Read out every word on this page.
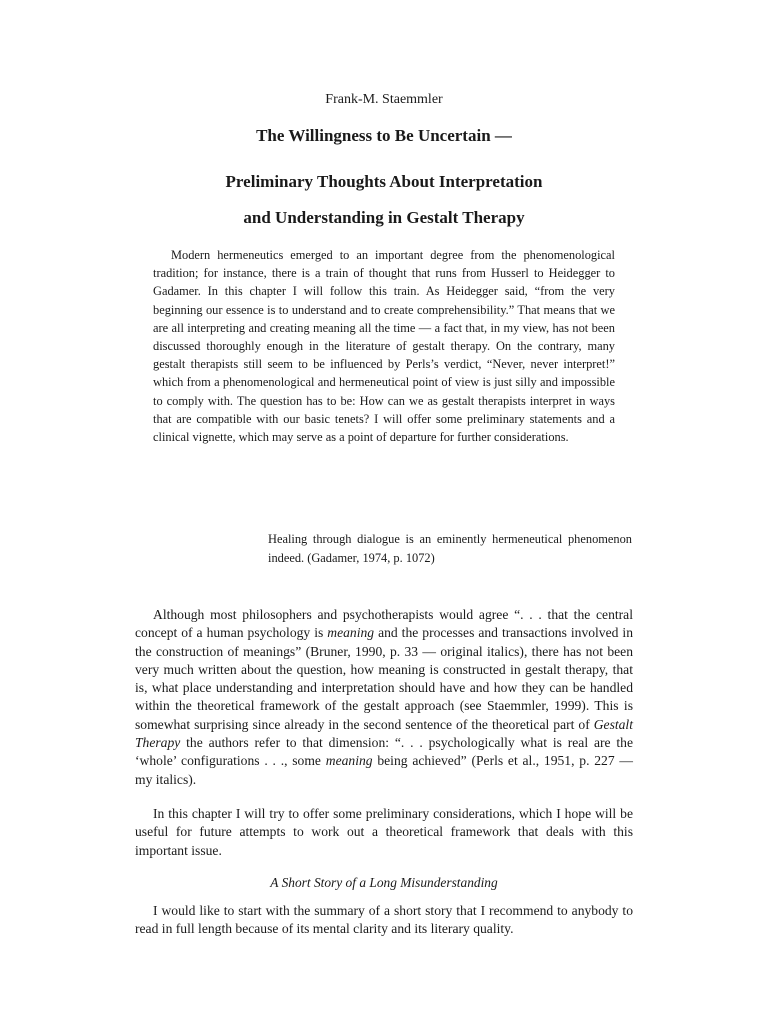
Frank-M. Staemmler

The Willingness to Be Uncertain —
Preliminary Thoughts About Interpretation
and Understanding in Gestalt Therapy

Modern hermeneutics emerged to an important degree from the phenomenological tradition; for instance, there is a train of thought that runs from Husserl to Heidegger to Gadamer. In this chapter I will follow this train. As Heidegger said, “from the very beginning our essence is to understand and to create comprehensibility.” That means that we are all interpreting and creating meaning all the time — a fact that, in my view, has not been discussed thoroughly enough in the literature of gestalt therapy. On the contrary, many gestalt therapists still seem to be influenced by Perls’s verdict, “Never, never interpret!” which from a phenomenological and hermeneutical point of view is just silly and impossible to comply with. The question has to be: How can we as gestalt therapists interpret in ways that are compatible with our basic tenets? I will offer some preliminary statements and a clinical vignette, which may serve as a point of departure for further considerations.

Healing through dialogue is an eminently hermeneutical phenomenon indeed. (Gadamer, 1974, p. 1072)

Although most philosophers and psychotherapists would agree “. . . that the central concept of a human psychology is meaning and the processes and transactions involved in the construction of meanings” (Bruner, 1990, p. 33 — original italics), there has not been very much written about the question, how meaning is constructed in gestalt therapy, that is, what place understanding and interpretation should have and how they can be handled within the theoretical framework of the gestalt approach (see Staemmler, 1999). This is somewhat surprising since already in the second sentence of the theoretical part of Gestalt Therapy the authors refer to that dimension: “. . . psychologically what is real are the ‘whole’ configurations . . ., some meaning being achieved” (Perls et al., 1951, p. 227 — my italics).

In this chapter I will try to offer some preliminary considerations, which I hope will be useful for future attempts to work out a theoretical framework that deals with this important issue.

A Short Story of a Long Misunderstanding

I would like to start with the summary of a short story that I recommend to anybody to read in full length because of its mental clarity and its literary quality.
